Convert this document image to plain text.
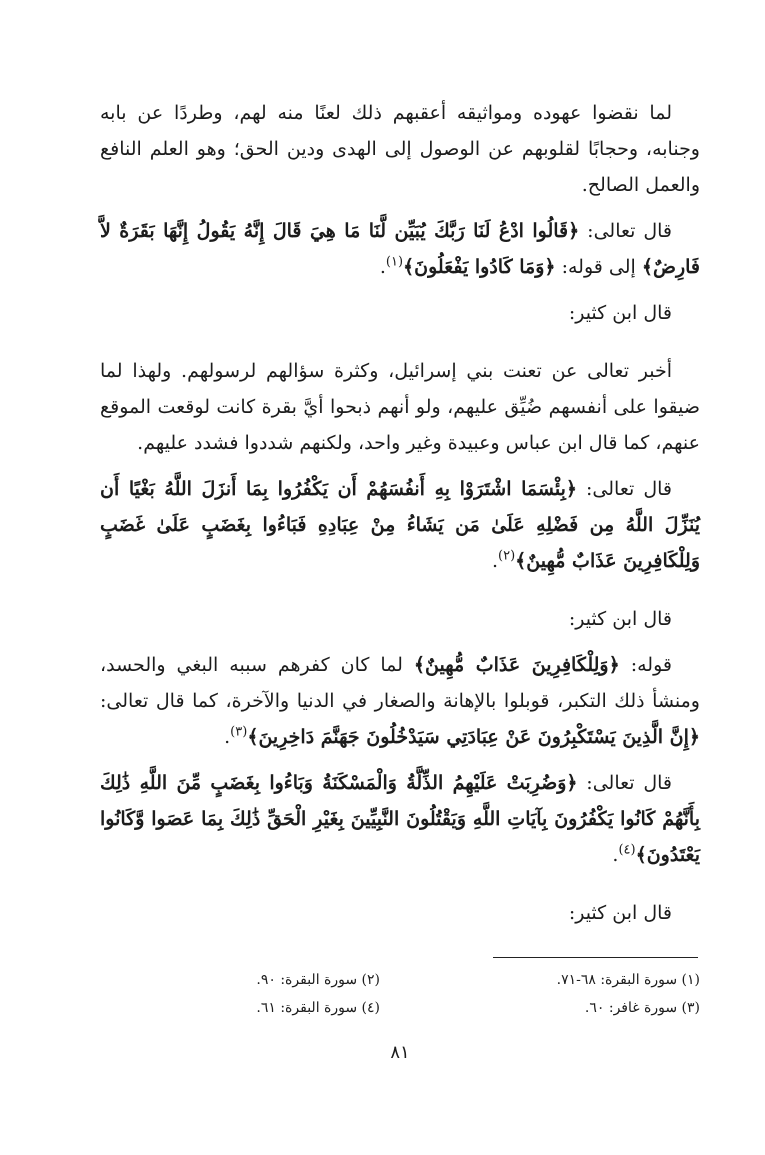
لما نقضوا عهوده ومواثيقه أعقبهم ذلك لعنًا منه لهم، وطردًا عن بابه وجنابه، وحجابًا لقلوبهم عن الوصول إلى الهدى ودين الحق؛ وهو العلم النافع والعمل الصالح.

قال تعالى: ﴿قَالُوا ادْعُ لَنَا رَبَّكَ يُبَيِّن لَّنَا مَا هِيَ قَالَ إِنَّهُ يَقُولُ إِنَّهَا بَقَرَةٌ لاَّ فَارِضٌ﴾ إلى قوله: ﴿وَمَا كَادُوا يَفْعَلُونَ﴾$^{(١)}$.

قال ابن كثير:

أخبر تعالى عن تعنت بني إسرائيل، وكثرة سؤالهم لرسولهم. ولهذا لما ضيقوا على أنفسهم ضُيِّق عليهم، ولو أنهم ذبحوا أيَّ بقرة كانت لوقعت الموقع عنهم، كما قال ابن عباس وعبيدة وغير واحد، ولكنهم شددوا فشدد عليهم.

قال تعالى: ﴿بِئْسَمَا اشْتَرَوْا بِهِ أَنفُسَهُمْ أَن يَكْفُرُوا بِمَا أَنزَلَ اللَّهُ بَغْيًا أَن يُنَزِّلَ اللَّهُ مِن فَضْلِهِ عَلَىٰ مَن يَشَاءُ مِنْ عِبَادِهِ فَبَاءُوا بِغَضَبٍ عَلَىٰ غَضَبٍ وَلِلْكَافِرِينَ عَذَابٌ مُّهِينٌ﴾$^{(٢)}$.

قال ابن كثير:

قوله: ﴿وَلِلْكَافِرِينَ عَذَابٌ مُّهِينٌ﴾ لما كان كفرهم سببه البغي والحسد، ومنشأ ذلك التكبر، قوبلوا بالإهانة والصغار في الدنيا والآخرة، كما قال تعالى: ﴿إِنَّ الَّذِينَ يَسْتَكْبِرُونَ عَنْ عِبَادَتِي سَيَدْخُلُونَ جَهَنَّمَ دَاخِرِينَ﴾$^{(٣)}$.

قال تعالى: ﴿وَضُرِبَتْ عَلَيْهِمُ الذِّلَّةُ وَالْمَسْكَنَةُ وَبَاءُوا بِغَضَبٍ مِّنَ اللَّهِ ذَٰلِكَ بِأَنَّهُمْ كَانُوا يَكْفُرُونَ بِآيَاتِ اللَّهِ وَيَقْتُلُونَ النَّبِيِّينَ بِغَيْرِ الْحَقِّ ذَٰلِكَ بِمَا عَصَوا وَّكَانُوا يَعْتَدُونَ﴾$^{(٤)}$.

قال ابن كثير:

(١) سورة البقرة: ٦٨-٧١.
(٢) سورة البقرة: ٩٠.
(٣) سورة غافر: ٦٠.
(٤) سورة البقرة: ٦١.
٨١
